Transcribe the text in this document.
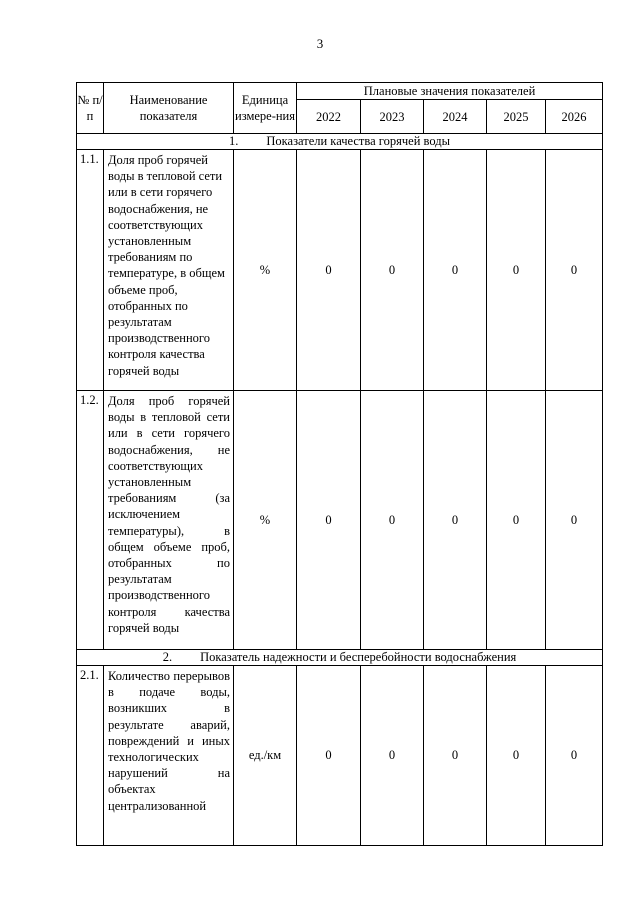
3
№ п/п	Наименование показателя	Единица измере-ния	Плановые значения показателей				
			2022	2023	2024	2025	2026
1. Показатели качества горячей воды							
1.1.	Доля проб горячей воды в тепловой сети или в сети горячего водоснабжения, не соответствующих установленным требованиям по температуре, в общем объеме проб, отобранных по результатам производственного контроля качества горячей воды	%	0	0	0	0	0
1.2.	Доля проб горячей воды в тепловой сети или в сети горячего водоснабжения, не соответствующих установленным требованиям (за исключением температуры), в общем объеме проб, отобранных по результатам производственного контроля качества горячей воды	%	0	0	0	0	0
2. Показатель надежности и бесперебойности водоснабжения							
2.1.	Количество перерывов в подаче воды, возникших в результате аварий, повреждений и иных технологических нарушений на объектах централизованной	ед./км	0	0	0	0	0
